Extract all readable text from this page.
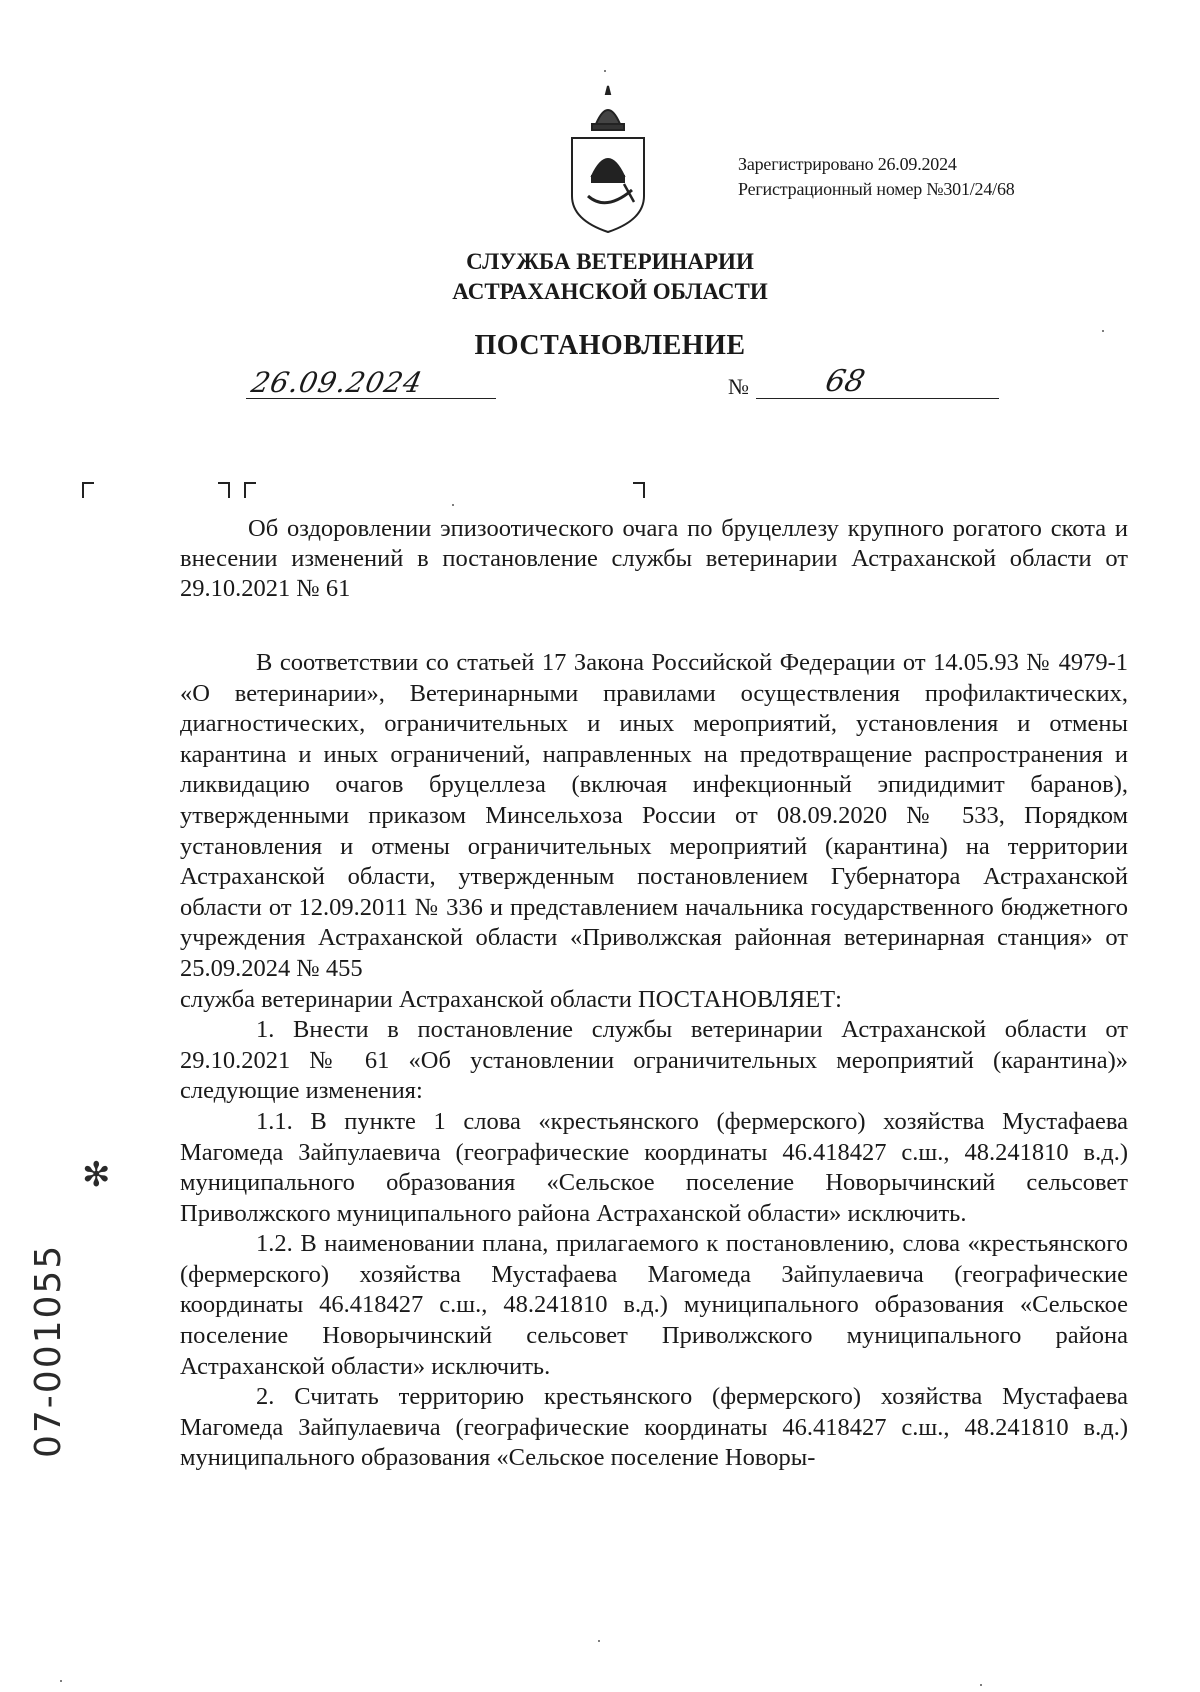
Зарегистрировано 26.09.2024
Регистрационный номер №301/24/68
СЛУЖБА ВЕТЕРИНАРИИ
АСТРАХАНСКОЙ ОБЛАСТИ
ПОСТАНОВЛЕНИЕ
26.09.2024	№ 68
Об оздоровлении эпизоотического очага по бруцеллезу крупного рогатого скота и внесении изменений в постановление службы ветеринарии Астраханской области от 29.10.2021 № 61

В соответствии со статьей 17 Закона Российской Федерации от 14.05.93 № 4979-1 «О ветеринарии», Ветеринарными правилами осуществления профилактических, диагностических, ограничительных и иных мероприятий, установления и отмены карантина и иных ограничений, направленных на предотвращение распространения и ликвидацию очагов бруцеллеза (включая инфекционный эпидидимит баранов), утвержденными приказом Минсельхоза России от 08.09.2020 № 533, Порядком установления и отмены ограничительных мероприятий (карантина) на территории Астраханской области, утвержденным постановлением Губернатора Астраханской области от 12.09.2011 № 336 и представлением начальника государственного бюджетного учреждения Астраханской области «Приволжская районная ветеринарная станция» от 25.09.2024 № 455

служба ветеринарии Астраханской области ПОСТАНОВЛЯЕТ:

1. Внести в постановление службы ветеринарии Астраханской области от 29.10.2021 № 61 «Об установлении ограничительных мероприятий (карантина)» следующие изменения:

1.1. В пункте 1 слова «крестьянского (фермерского) хозяйства Мустафаева Магомеда Зайпулаевича (географические координаты 46.418427 с.ш., 48.241810 в.д.) муниципального образования «Сельское поселение Новорычинский сельсовет Приволжского муниципального района Астраханской области» исключить.

1.2. В наименовании плана, прилагаемого к постановлению, слова «крестьянского (фермерского) хозяйства Мустафаева Магомеда Зайпулаевича (географические координаты 46.418427 с.ш., 48.241810 в.д.) муниципального образования «Сельское поселение Новорычинский сельсовет Приволжского муниципального района Астраханской области» исключить.

2. Считать территорию крестьянского (фермерского) хозяйства Мустафаева Магомеда Зайпулаевича (географические координаты 46.418427 с.ш., 48.241810 в.д.) муниципального образования «Сельское поселение Новоры-

✻
07-001055
